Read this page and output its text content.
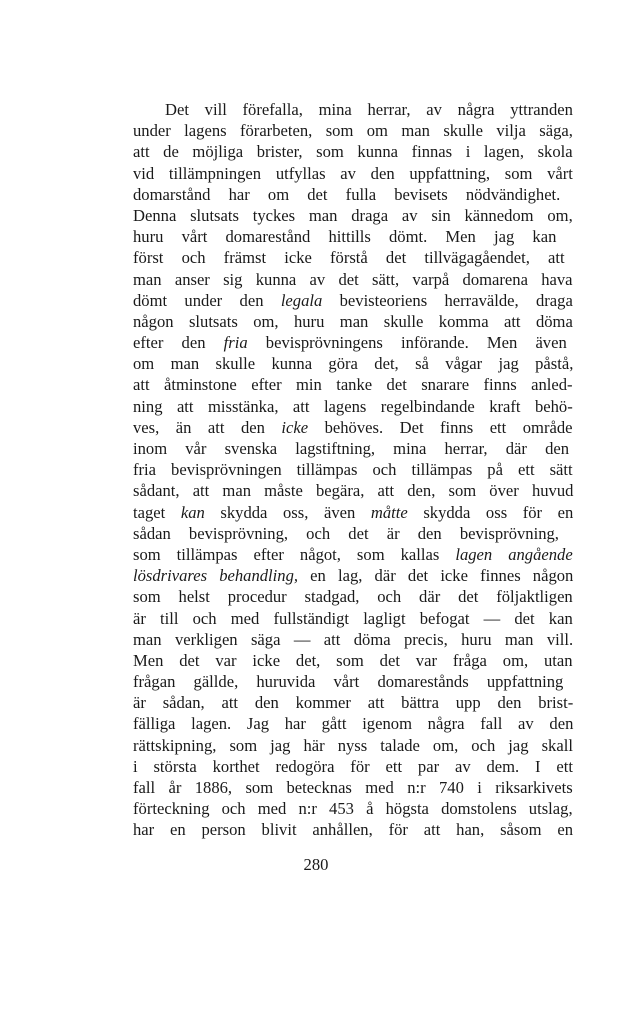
Det vill förefalla, mina herrar, av några yttranden
under lagens förarbeten, som om man skulle vilja säga,
att de möjliga brister, som kunna finnas i lagen, skola
vid tillämpningen utfyllas av den uppfattning, som vårt
domarstånd har om det fulla bevisets nödvändighet.
Denna slutsats tyckes man draga av sin kännedom om,
huru vårt domarestånd hittills dömt. Men jag kan
först och främst icke förstå det tillvägagåendet, att
man anser sig kunna av det sätt, varpå domarena hava
dömt under den legala bevisteoriens herravälde, draga
någon slutsats om, huru man skulle komma att döma
efter den fria bevisprövningens införande. Men även
om man skulle kunna göra det, så vågar jag påstå,
att åtminstone efter min tanke det snarare finns anled-
ning att misstänka, att lagens regelbindande kraft behö-
ves, än att den icke behöves. Det finns ett område
inom vår svenska lagstiftning, mina herrar, där den
fria bevisprövningen tillämpas och tillämpas på ett sätt
sådant, att man måste begära, att den, som över huvud
taget kan skydda oss, även måtte skydda oss för en
sådan bevisprövning, och det är den bevisprövning,
som tillämpas efter något, som kallas lagen angående
lösdrivares behandling, en lag, där det icke finnes någon
som helst procedur stadgad, och där det följaktligen
är till och med fullständigt lagligt befogat — det kan
man verkligen säga — att döma precis, huru man vill.
Men det var icke det, som det var fråga om, utan
frågan gällde, huruvida vårt domarestånds uppfattning
är sådan, att den kommer att bättra upp den brist-
fälliga lagen. Jag har gått igenom några fall av den
rättskipning, som jag här nyss talade om, och jag skall
i största korthet redogöra för ett par av dem. I ett
fall år 1886, som betecknas med n:r 740 i riksarkivets
förteckning och med n:r 453 å högsta domstolens utslag,
har en person blivit anhållen, för att han, såsom en
280
